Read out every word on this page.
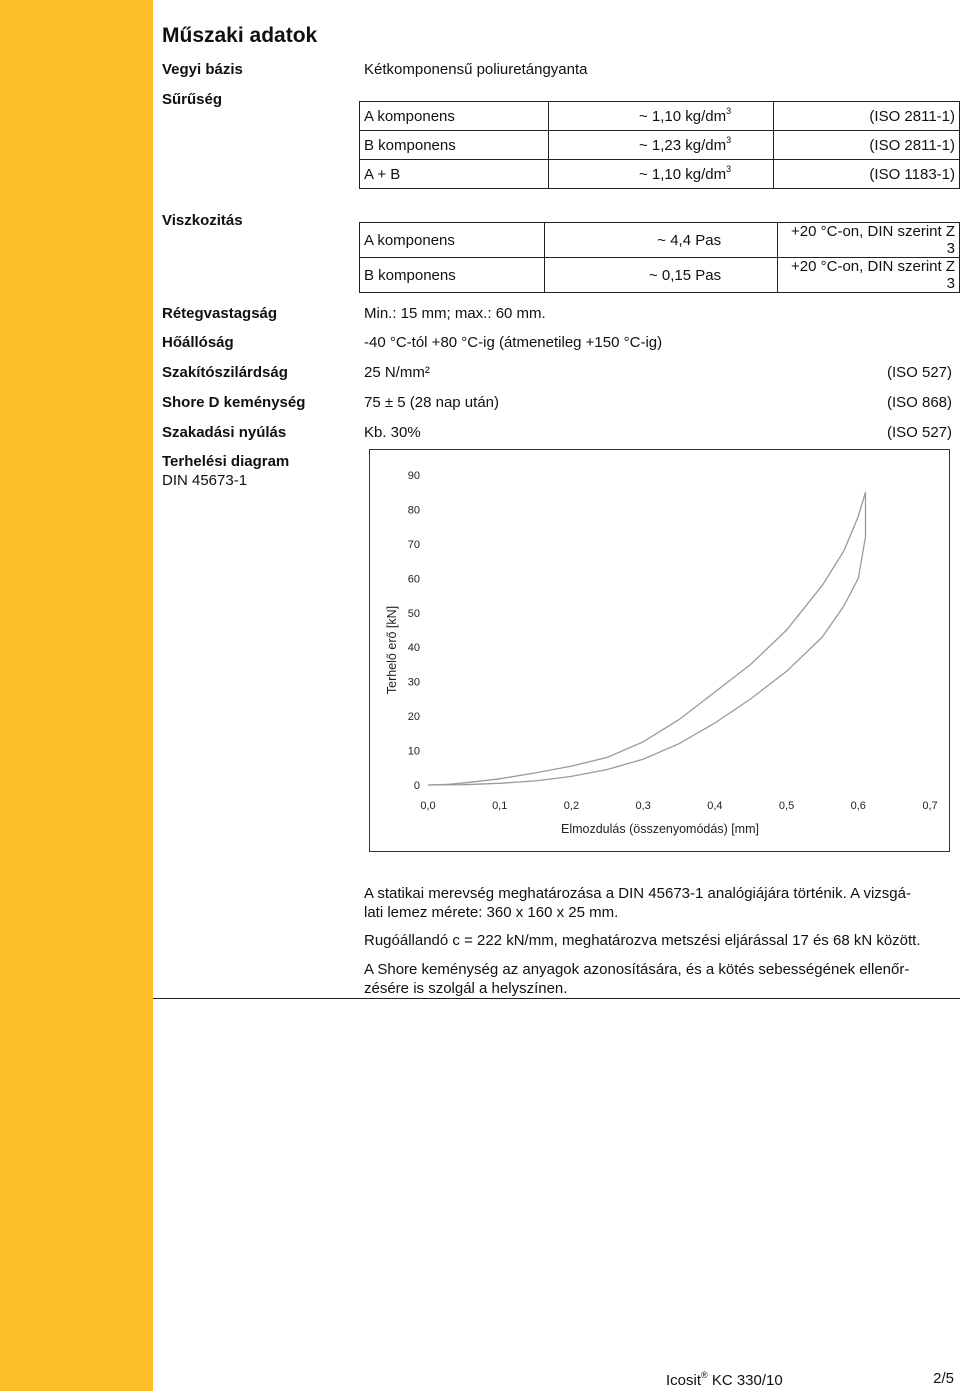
Műszaki adatok
Vegyi bázis	Kétkomponensű poliuretángyanta
Sűrűség
A komponens	~ 1,10 $kg/dm^3$	(ISO 2811-1)
B komponens	~ 1,23 $kg/dm^3$	(ISO 2811-1)
A + B	~ 1,10 $kg/dm^3$	(ISO 1183-1)
Viszkozitás
A komponens	~ 4,4 Pas	+20 °C-on, DIN szerint Z 3
B komponens	~ 0,15 Pas	+20 °C-on, DIN szerint Z 3
Rétegvastagság	Min.: 15 mm; max.: 60 mm.
Hőállóság	-40 °C-tól +80 °C-ig (átmenetileg +150 °C-ig)
Szakítószilárdság	25 N/mm²	(ISO 527)
Shore D keménység	75 ± 5 (28 nap után)	(ISO 868)
Szakadási nyúlás	Kb. 30%	(ISO 527)
Terhelési diagram
DIN 45673-1
0
10
20
30
40
50
60
70
80
90
0,0	0,1	0,2	0,3	0,4	0,5	0,6	0,7
Elmozdulás (összenyomódás) [mm]
Terhelő erő [kN]
A statikai merevség meghatározása a DIN 45673-1 analógiájára történik. A vizsgá-
lati lemez mérete: 360 x 160 x 25 mm.
Rugóállandó c = 222 kN/mm, meghatározva metszési eljárással 17 és 68 kN között.
A Shore keménység az anyagok azonosítására, és a kötés sebességének ellenőr-
zésére is szolgál a helyszínen.
Icosit® KC 330/10	2/5
